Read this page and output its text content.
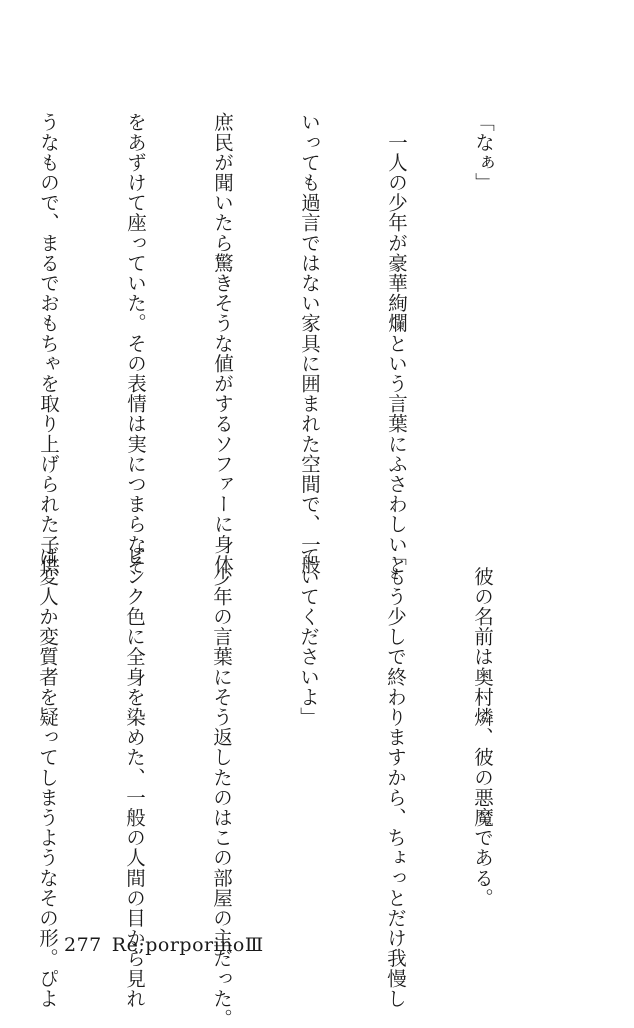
「なぁ」

　一人の少年が豪華絢爛という言葉にふさわしいと

いっても過言ではない家具に囲まれた空間で、一般

庶民が聞いたら驚きそうな値がするソファーに身体

をあずけて座っていた。その表情は実につまらなそ

うなもので、まるでおもちゃを取り上げられた子供

　彼の名前は奥村燐、彼の悪魔である。

「もう少しで終わりますから、ちょっとだけ我慢し

ていてくださいよ」

　少年の言葉にそう返したのはこの部屋の主だった。

ピンク色に全身を染めた、一般の人間の目から見れ

ば変人か変質者を疑ってしまうようなその形。ぴよ

277 Re;porporinoⅢ
